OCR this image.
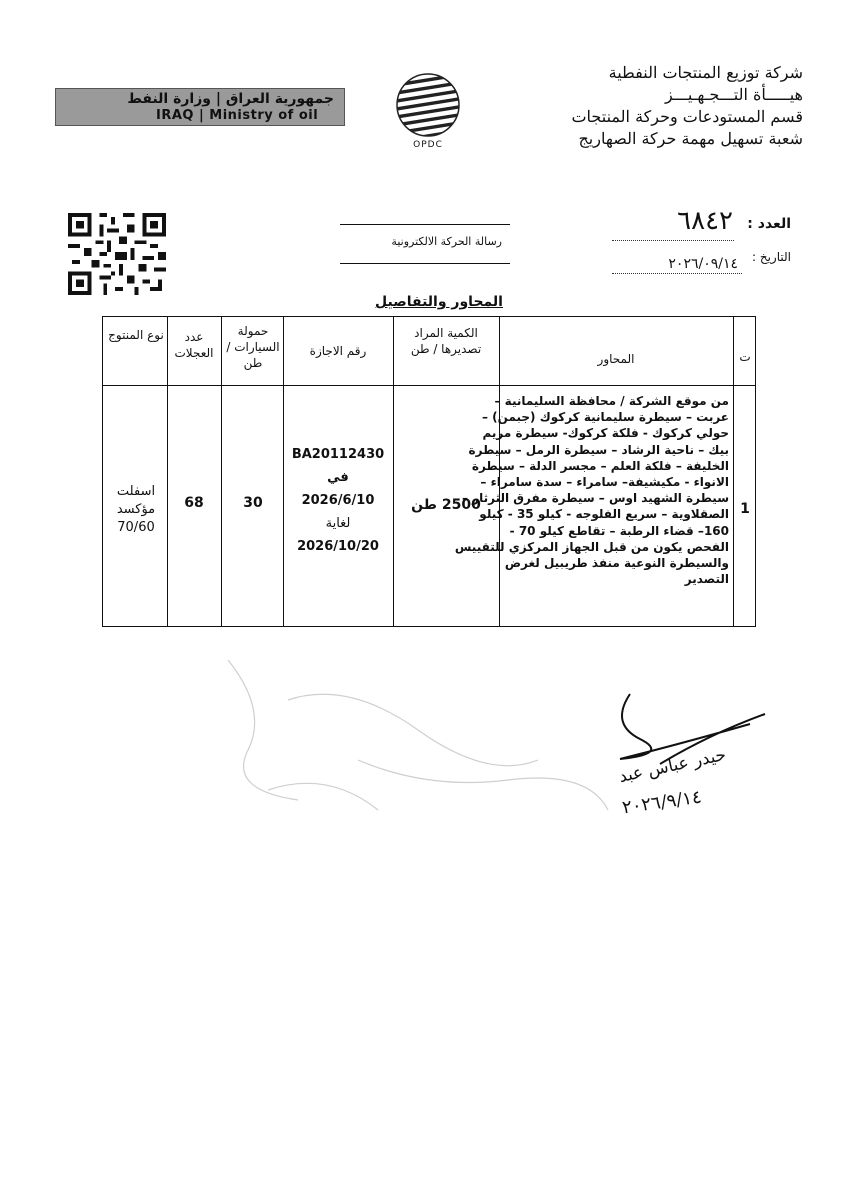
شركة توزيع المنتجات النفطية
هيـــــأة التـــجـهـيـــز
قسم المستودعات وحركة المنتجات
شعبة تسهيل مهمة حركة الصهاريج
OPDC
جمهورية العراق | وزارة النفط
IRAQ | Ministry of oil
العدد :
٦٨٤٢
التاريخ :
٢٠٢٦/٠٩/١٤
رسالة الحركة الالكترونية
المحاور والتفاصيل
ت
المحاور
الكمية المراد تصديرها / طن
رقم الاجازة
حمولة السيارات / طن
عدد العجلات
نوع المنتوج
1
من موقع الشركة / محافظة السليمانية –
عربت – سيطرة سليمانية كركوك (جبمن) –
حولي كركوك - فلكة كركوك- سيطرة مريم
بيك – ناحية الرشاد – سيطرة الرمل – سيطرة
الخليفة – فلكة العلم – مجسر الدلة – سيطرة
الانواء - مكيشيفة– سامراء – سدة سامراء –
سيطرة الشهيد اوس – سيطرة مفرق الثرثار –
الصقلاوية – سريع الفلوجه - كيلو 35 - كيلو
160– قضاء الرطبة – تقاطع كيلو 70 -
الفحص يكون من قبل الجهاز المركزي للتقييس
والسيطرة النوعية منفذ طريبيل لغرض
التصدير
2500 طن
BA20112430
في
2026/6/10
لغاية
2026/10/20
30
68
اسفلت مؤكسد
70/60
حيدر عباس عبد
٢٠٢٦/٩/١٤
